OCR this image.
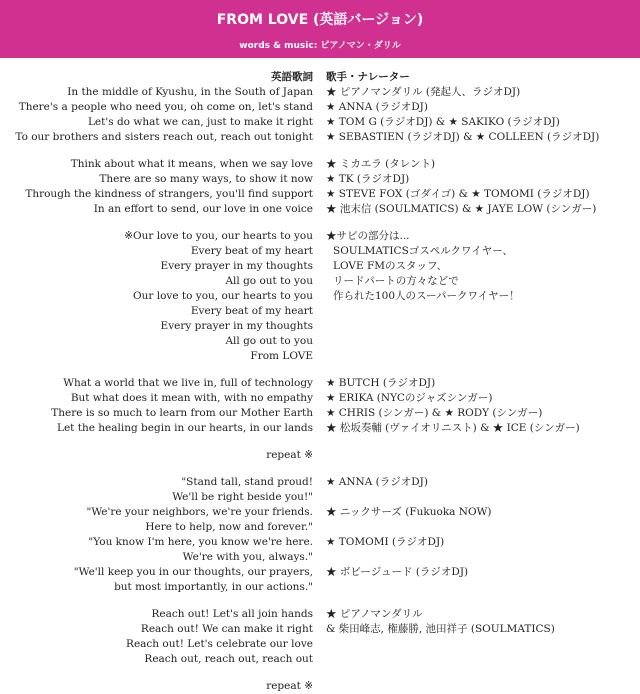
FROM LOVE (英語バージョン)
words & music: ピアノマン・ダリル
英語歌詞 歌手・ナレーター
In the middle of Kyushu, in the South of Japan ★ ピアノマンダリル (発起人、ラジオDJ)
There's a people who need you, oh come on, let's stand ★ ANNA (ラジオDJ)
Let's do what we can, just to make it right ★ TOM G (ラジオDJ) & ★ SAKIKO (ラジオDJ)
To our brothers and sisters reach out, reach out tonight ★ SEBASTIEN (ラジオDJ) & ★ COLLEEN (ラジオDJ)
Think about what it means, when we say love ★ ミカエラ (タレント)
There are so many ways, to show it now ★ TK (ラジオDJ)
Through the kindness of strangers, you'll find support ★ STEVE FOX (ゴダイゴ) & ★ TOMOMI (ラジオDJ)
In an effort to send, our love in one voice ★ 池末信 (SOULMATICS) & ★ JAYE LOW (シンガー)
※Our love to you, our hearts to you ★サビの部分は...
Every beat of my heart SOULMATICSゴスペルクワイヤー、
Every prayer in my thoughts LOVE FMのスタッフ、
All go out to you リードパートの方々などで
Our love to you, our hearts to you 作られた100人のスーパークワイヤー！
Every beat of my heart
Every prayer in my thoughts
All go out to you
From LOVE
What a world that we live in, full of technology ★ BUTCH (ラジオDJ)
But what does it mean with, with no empathy ★ ERIKA (NYCのジャズシンガー)
There is so much to learn from our Mother Earth ★ CHRIS (シンガー) & ★ RODY (シンガー)
Let the healing begin in our hearts, in our lands ★ 松坂奏輔 (ヴァイオリニスト) & ★ ICE (シンガー)
repeat ※
"Stand tall, stand proud! ★ ANNA (ラジオDJ)
We'll be right beside you!"
"We're your neighbors, we're your friends. ★ ニックサーズ (Fukuoka NOW)
Here to help, now and forever."
"You know I'm here, you know we're here. ★ TOMOMI (ラジオDJ)
We're with you, always."
"We'll keep you in our thoughts, our prayers, ★ ボビージュード (ラジオDJ)
but most importantly, in our actions."
Reach out! Let's all join hands ★ ピアノマンダリル
Reach out! We can make it right & 柴田峰志, 権藤勝, 池田祥子 (SOULMATICS)
Reach out! Let's celebrate our love
Reach out, reach out, reach out
repeat ※
